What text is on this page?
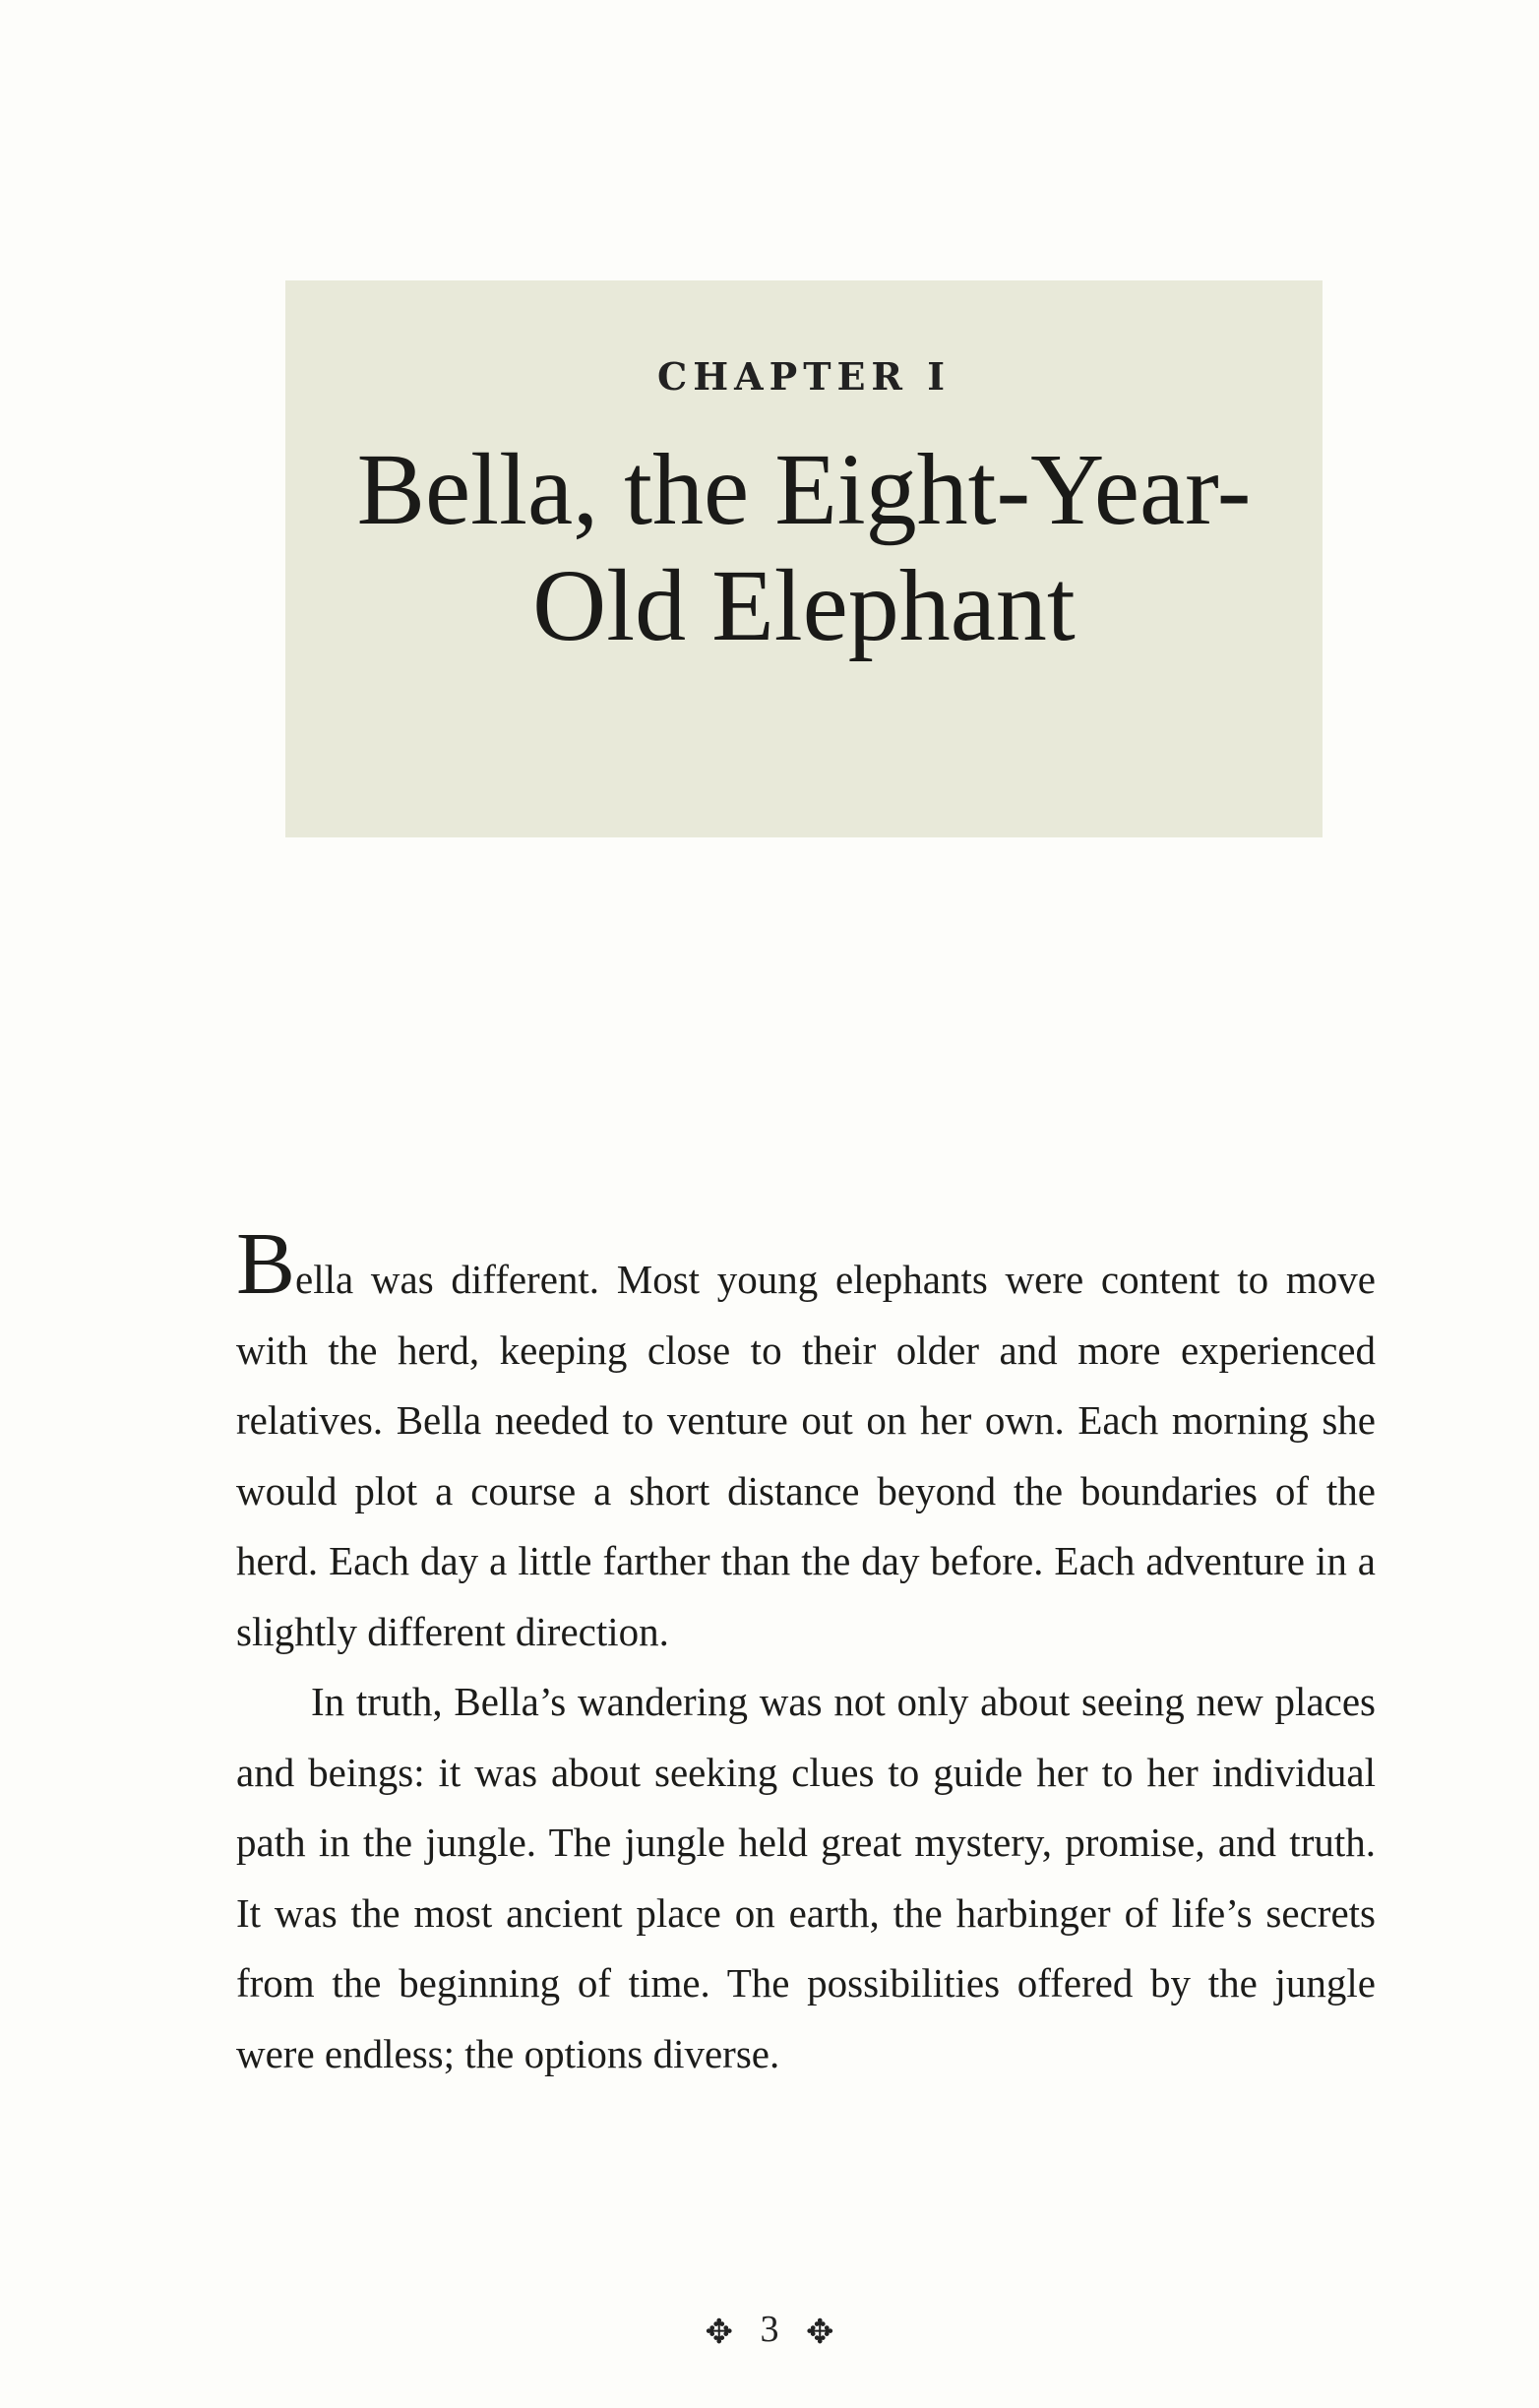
CHAPTER I

Bella, the Eight-Year-
Old Elephant

Bella was different. Most young elephants were content to move with the herd, keeping close to their older and more experienced relatives. Bella needed to venture out on her own. Each morning she would plot a course a short distance beyond the boundaries of the herd. Each day a little farther than the day before. Each adventure in a slightly different direction.

In truth, Bella’s wandering was not only about seeing new places and beings: it was about seeking clues to guide her to her individual path in the jungle. The jungle held great mystery, promise, and truth. It was the most ancient place on earth, the harbinger of life’s secrets from the beginning of time. The possibilities offered by the jungle were endless; the options diverse.

✥ 3 ✥
